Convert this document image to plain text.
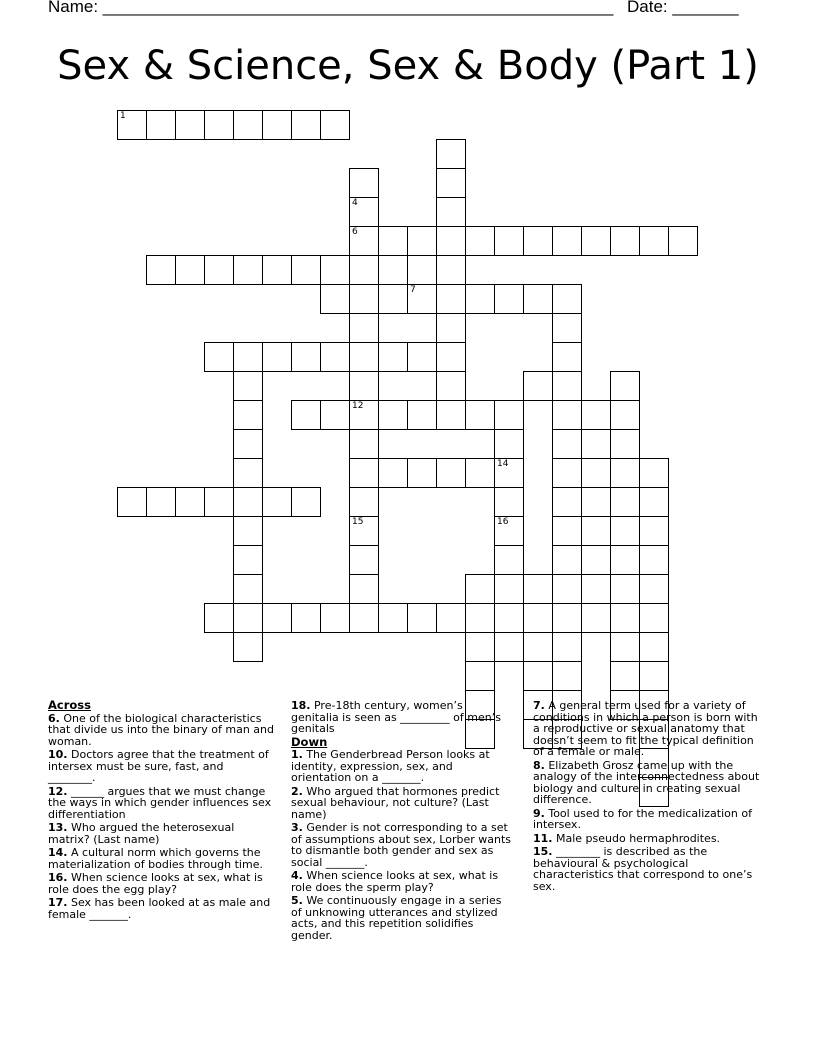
Name: ______________________________________________________ Date: _______
Sex & Science, Sex & Body (Part 1)
1
12
4
6
15
7
14
16
Across
6. One of the biological characteristics that divide us into the binary of man and woman.
10. Doctors agree that the treatment of intersex must be sure, fast, and ________.
12. ______ argues that we must change the ways in which gender influences sex differentiation
13. Who argued the heterosexual matrix? (Last name)
14. A cultural norm which governs the materialization of bodies through time.
16. When science looks at sex, what is role does the egg play?
17. Sex has been looked at as male and female _______.
18. Pre-18th century, women’s genitalia is seen as _________ of men’s genitals
Down
1. The Genderbread Person looks at identity, expression, sex, and orientation on a _______.
2. Who argued that hormones predict sexual behaviour, not culture? (Last name)
3. Gender is not corresponding to a set of assumptions about sex, Lorber wants to dismantle both gender and sex as social _______.
4. When science looks at sex, what is role does the sperm play?
5. We continuously engage in a series of unknowing utterances and stylized acts, and this repetition solidifies gender.
7. A general term used for a variety of conditions in which a person is born with a reproductive or sexual anatomy that doesn’t seem to fit the typical definition of a female or male.
8. Elizabeth Grosz came up with the analogy of the interconnectedness about biology and culture in creating sexual difference.
9. Tool used to for the medicalization of intersex.
11. Male pseudo hermaphrodites.
15. ________ is described as the behavioural & psychological characteristics that correspond to one’s sex.
